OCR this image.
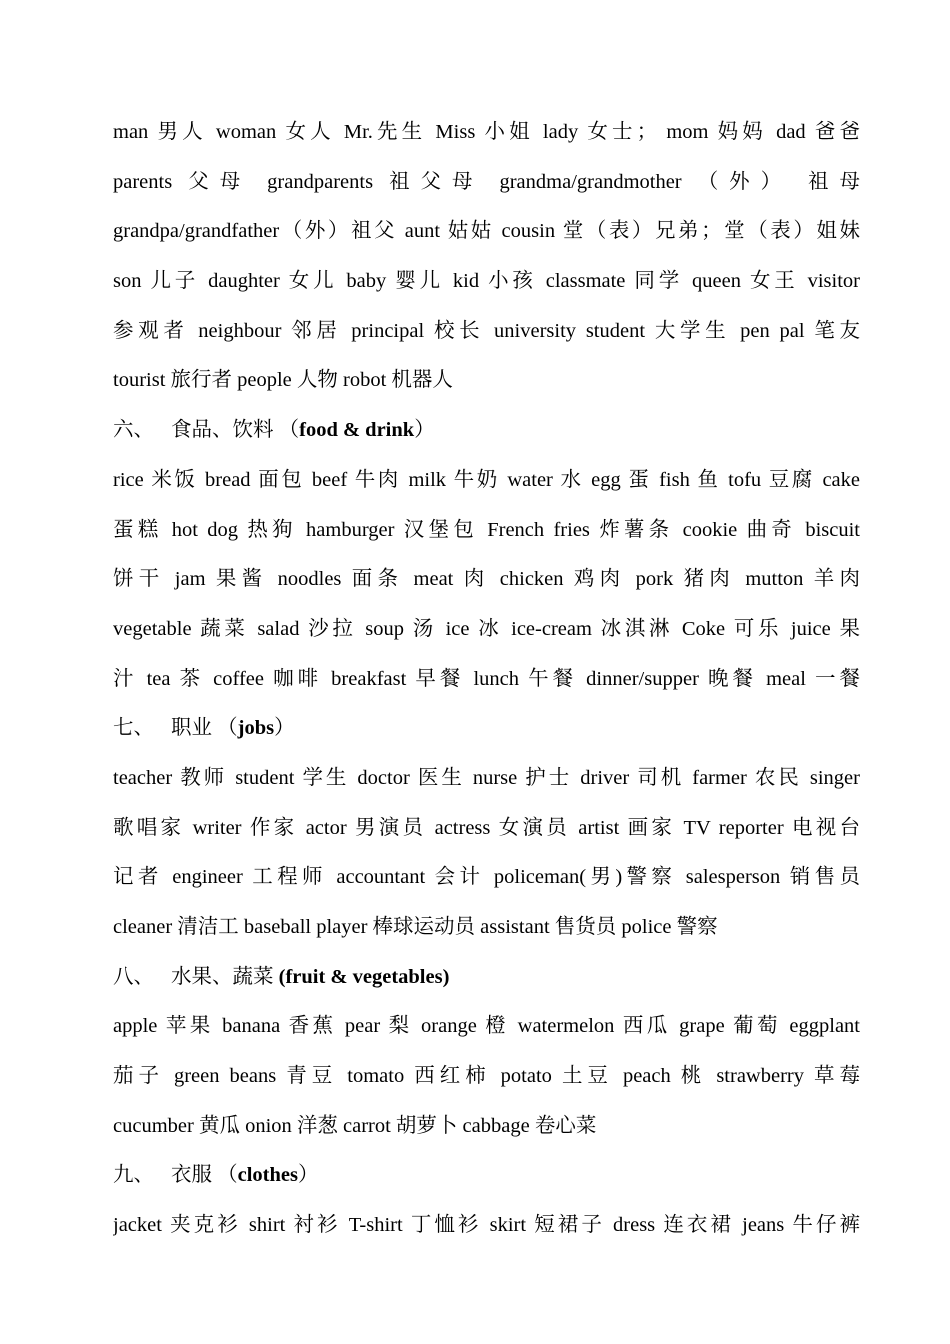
man 男人 woman 女人 Mr.先生 Miss 小姐 lady 女士； mom 妈妈 dad 爸爸
parents 父母 grandparents 祖父母 grandma/grandmother （外） 祖母
grandpa/grandfather（外）祖父 aunt 姑姑 cousin 堂（表）兄弟；堂（表）姐妹
son 儿子 daughter 女儿 baby 婴儿 kid 小孩 classmate 同学 queen 女王 visitor
参观者 neighbour 邻居 principal 校长 university student 大学生 pen pal 笔友
tourist 旅行者 people 人物 robot 机器人
六、 食品、饮料 （food & drink）
rice 米饭 bread 面包 beef 牛肉 milk 牛奶 water 水 egg 蛋 fish 鱼 tofu 豆腐 cake
蛋糕 hot dog 热狗 hamburger 汉堡包 French fries 炸薯条 cookie 曲奇 biscuit
饼干 jam 果酱 noodles 面条 meat 肉 chicken 鸡肉 pork 猪肉 mutton 羊肉
vegetable 蔬菜 salad 沙拉 soup 汤 ice 冰 ice-cream 冰淇淋 Coke 可乐 juice 果
汁 tea 茶 coffee 咖啡 breakfast 早餐 lunch 午餐 dinner/supper 晚餐 meal 一餐
七、 职业 （jobs）
teacher 教师 student 学生 doctor 医生 nurse 护士 driver 司机 farmer 农民 singer
歌唱家 writer 作家 actor 男演员 actress 女演员 artist 画家 TV reporter 电视台
记者 engineer 工程师 accountant 会计 policeman(男)警察 salesperson 销售员
cleaner 清洁工 baseball player 棒球运动员 assistant 售货员 police 警察
八、 水果、蔬菜 (fruit & vegetables)
apple 苹果 banana 香蕉 pear 梨 orange 橙 watermelon 西瓜 grape 葡萄 eggplant
茄子 green beans 青豆 tomato 西红柿 potato 土豆 peach 桃 strawberry 草莓
cucumber 黄瓜 onion 洋葱 carrot 胡萝卜 cabbage 卷心菜
九、 衣服 （clothes）
jacket 夹克衫 shirt 衬衫 T-shirt 丁恤衫 skirt 短裙子 dress 连衣裙 jeans 牛仔裤
